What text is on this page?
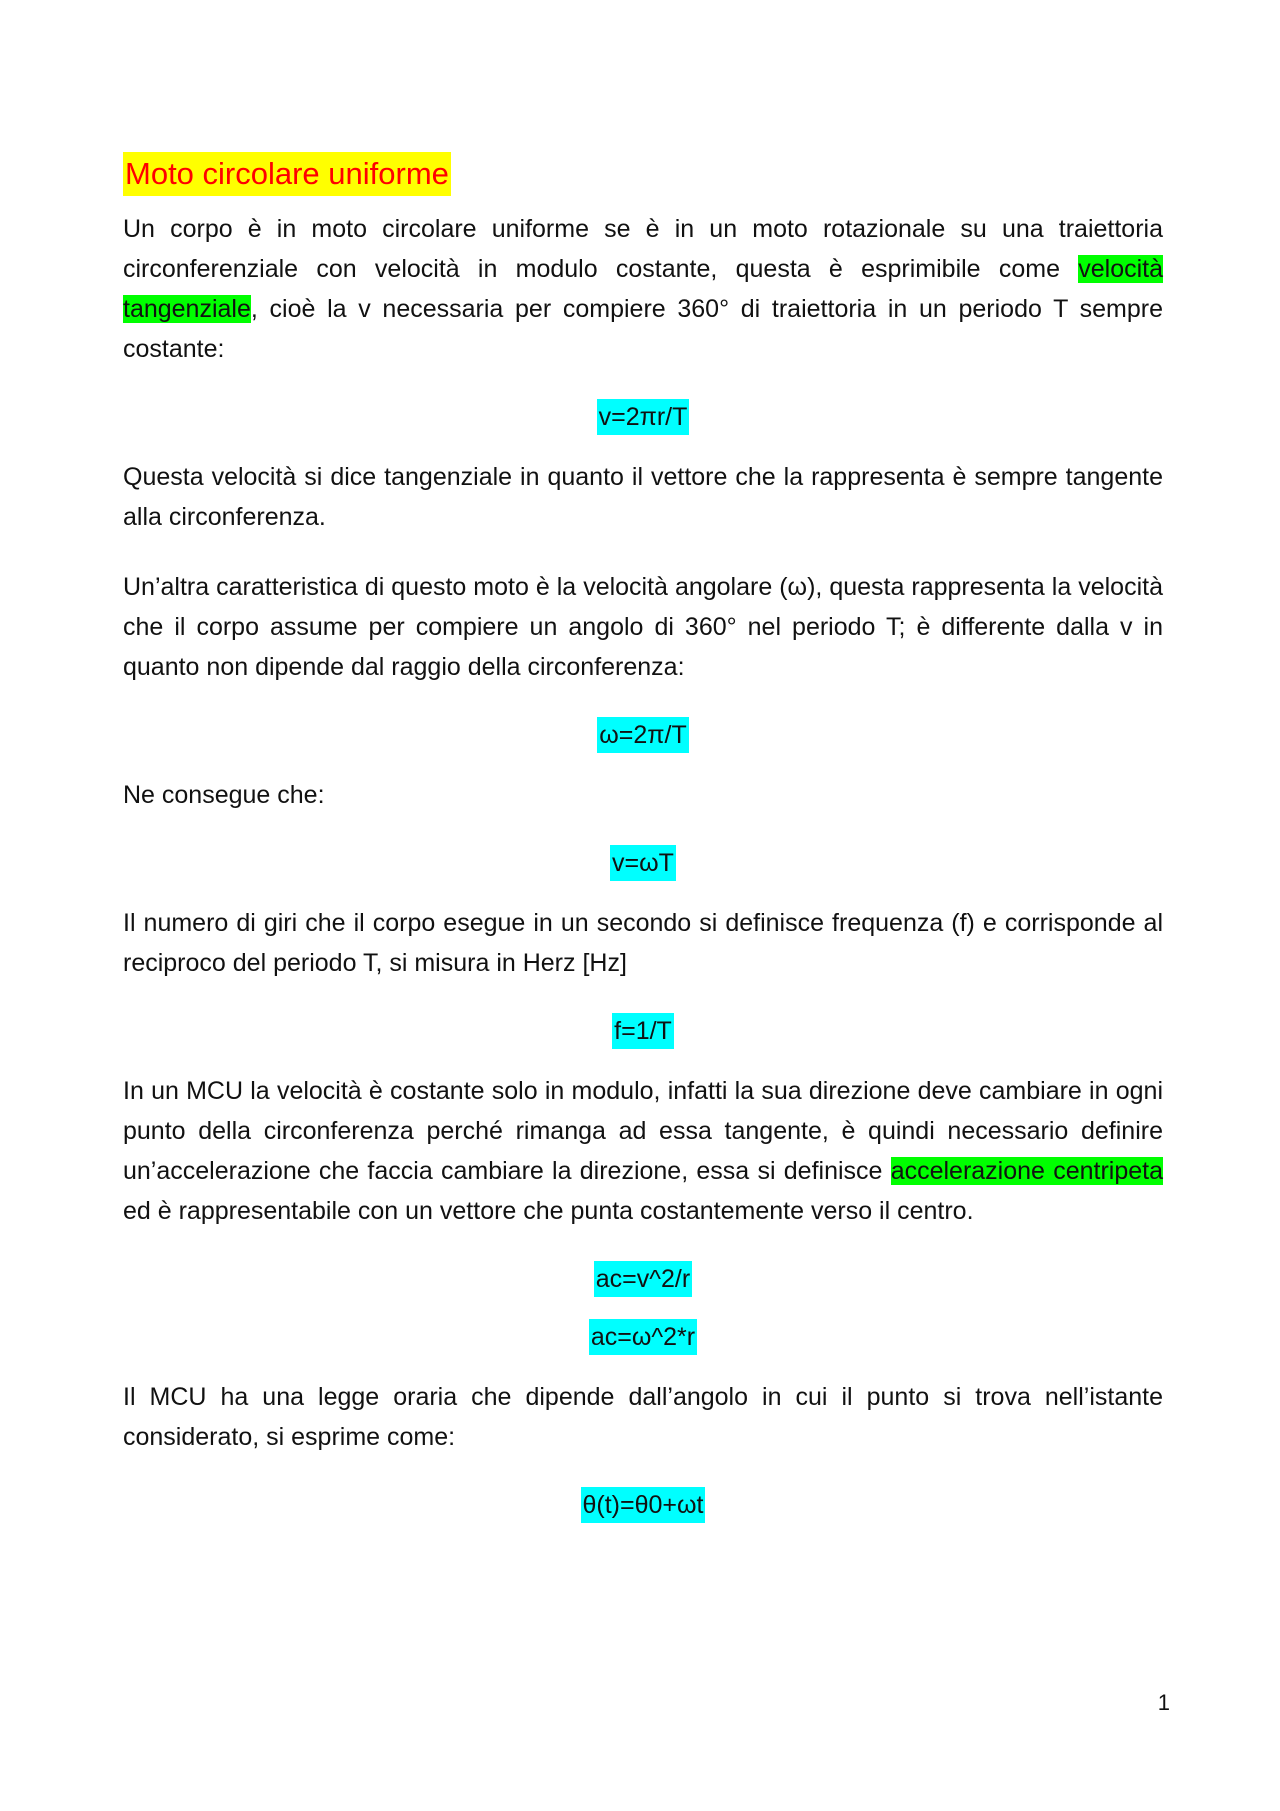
Moto circolare uniforme

Un corpo è in moto circolare uniforme se è in un moto rotazionale su una traiettoria circonferenziale con velocità in modulo costante, questa è esprimibile come velocità tangenziale, cioè la v necessaria per compiere 360° di traiettoria in un periodo T sempre costante:

v=2πr/T

Questa velocità si dice tangenziale in quanto il vettore che la rappresenta è sempre tangente alla circonferenza.

Un’altra caratteristica di questo moto è la velocità angolare (ω), questa rappresenta la velocità che il corpo assume per compiere un angolo di 360° nel periodo T; è differente dalla v in quanto non dipende dal raggio della circonferenza:

ω=2π/T

Ne consegue che:

v=ωT

Il numero di giri che il corpo esegue in un secondo si definisce frequenza (f) e corrisponde al reciproco del periodo T, si misura in Herz [Hz]

f=1/T

In un MCU la velocità è costante solo in modulo, infatti la sua direzione deve cambiare in ogni punto della circonferenza perché rimanga ad essa tangente, è quindi necessario definire un’accelerazione che faccia cambiare la direzione, essa si definisce accelerazione centripeta ed è rappresentabile con un vettore che punta costantemente verso il centro.

ac=v^2/r
ac=ω^2*r

Il MCU ha una legge oraria che dipende dall’angolo in cui il punto si trova nell’istante considerato, si esprime come:

θ(t)=θ0+ωt
1
